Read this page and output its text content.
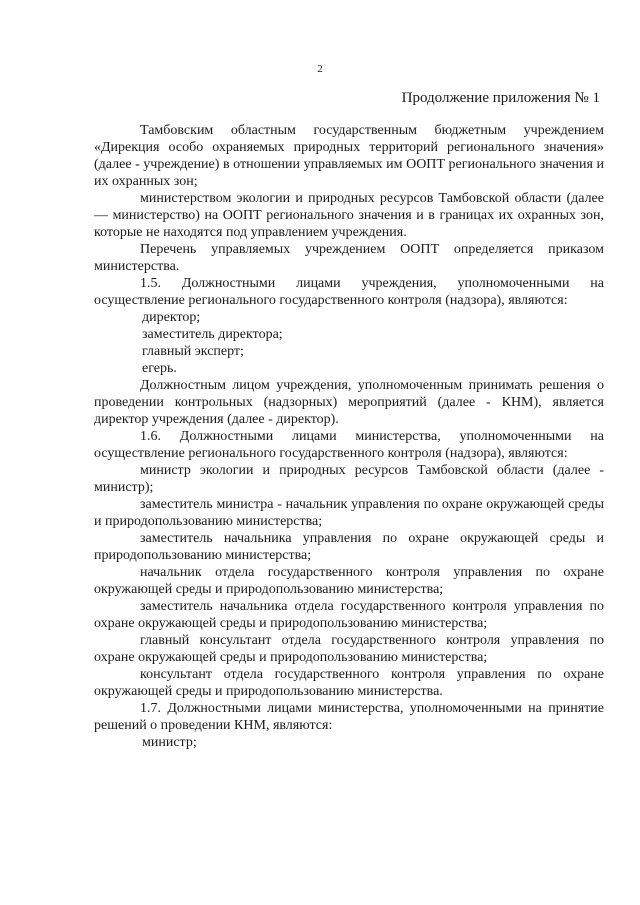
2
Продолжение приложения № 1

Тамбовским областным государственным бюджетным учреждением «Дирекция особо охраняемых природных территорий регионального значения» (далее - учреждение) в отношении управляемых им ООПТ регионального значения и их охранных зон;

министерством экологии и природных ресурсов Тамбовской области (далее — министерство) на ООПТ регионального значения и в границах их охранных зон, которые не находятся под управлением учреждения.

Перечень управляемых учреждением ООПТ определяется приказом министерства.

1.5. Должностными лицами учреждения, уполномоченными на осуществление регионального государственного контроля (надзора), являются:

директор;

заместитель директора;

главный эксперт;

егерь.

Должностным лицом учреждения, уполномоченным принимать решения о проведении контрольных (надзорных) мероприятий (далее - КНМ), является директор учреждения (далее - директор).

1.6. Должностными лицами министерства, уполномоченными на осуществление регионального государственного контроля (надзора), являются:

министр экологии и природных ресурсов Тамбовской области (далее - министр);

заместитель министра - начальник управления по охране окружающей среды и природопользованию министерства;

заместитель начальника управления по охране окружающей среды и природопользованию министерства;

начальник отдела государственного контроля управления по охране окружающей среды и природопользованию министерства;

заместитель начальника отдела государственного контроля управления по охране окружающей среды и природопользованию министерства;

главный консультант отдела государственного контроля управления по охране окружающей среды и природопользованию министерства;

консультант отдела государственного контроля управления по охране окружающей среды и природопользованию министерства.

1.7. Должностными лицами министерства, уполномоченными на принятие решений о проведении КНМ, являются:

министр;
